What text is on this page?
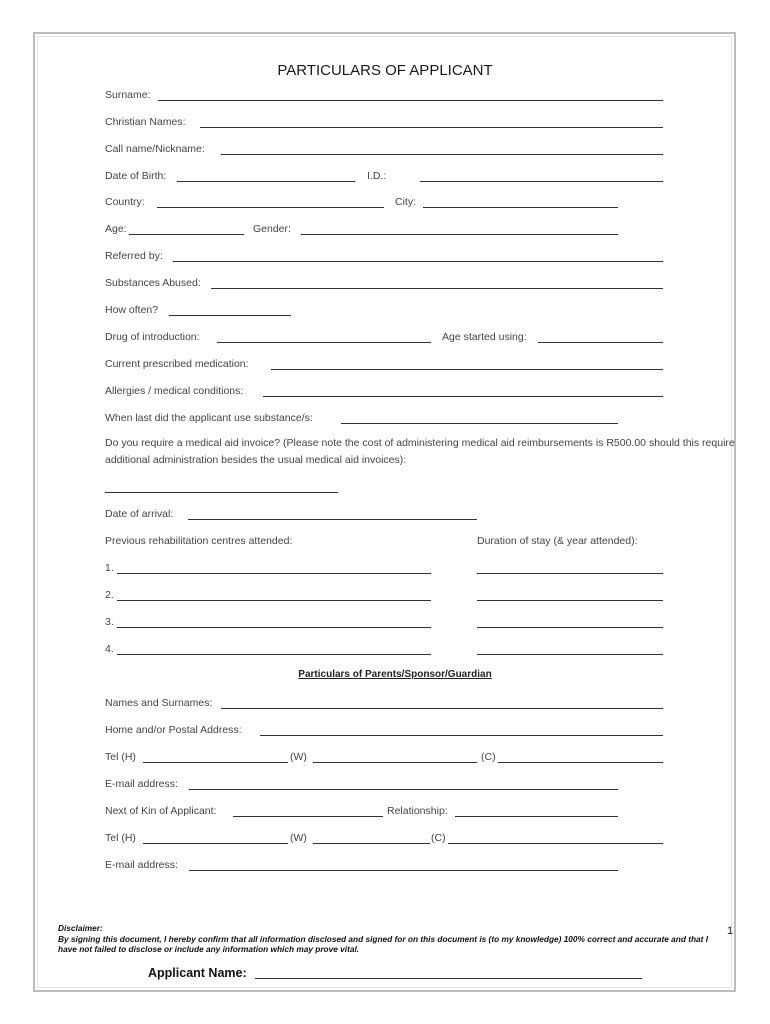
PARTICULARS OF APPLICANT
Surname:
Christian Names:
Call name/Nickname:
Date of Birth:	I.D.:
Country:	City:
Age:	Gender:
Referred by:
Substances Abused:
How often?
Drug of introduction:	Age started using:
Current prescribed medication:
Allergies / medical conditions:
When last did the applicant use substance/s:
Do you require a medical aid invoice? (Please note the cost of administering medical aid reimbursements is R500.00 should this require additional administration besides the usual medical aid invoices):
Date of arrival:
Previous rehabilitation centres attended:	Duration of stay (& year attended):
1.
2.
3.
4.
Particulars of Parents/Sponsor/Guardian
Names and Surnames:
Home and/or Postal Address:
Tel (H)	(W)	(C)
E-mail address:
Next of Kin of Applicant:	Relationship:
Tel (H)	(W)	(C)
E-mail address:
Disclaimer:
By signing this document, I hereby confirm that all information disclosed and signed for on this document is (to my knowledge) 100% correct and accurate and that I have not failed to disclose or include any information which may prove vital.
1
Applicant Name:
